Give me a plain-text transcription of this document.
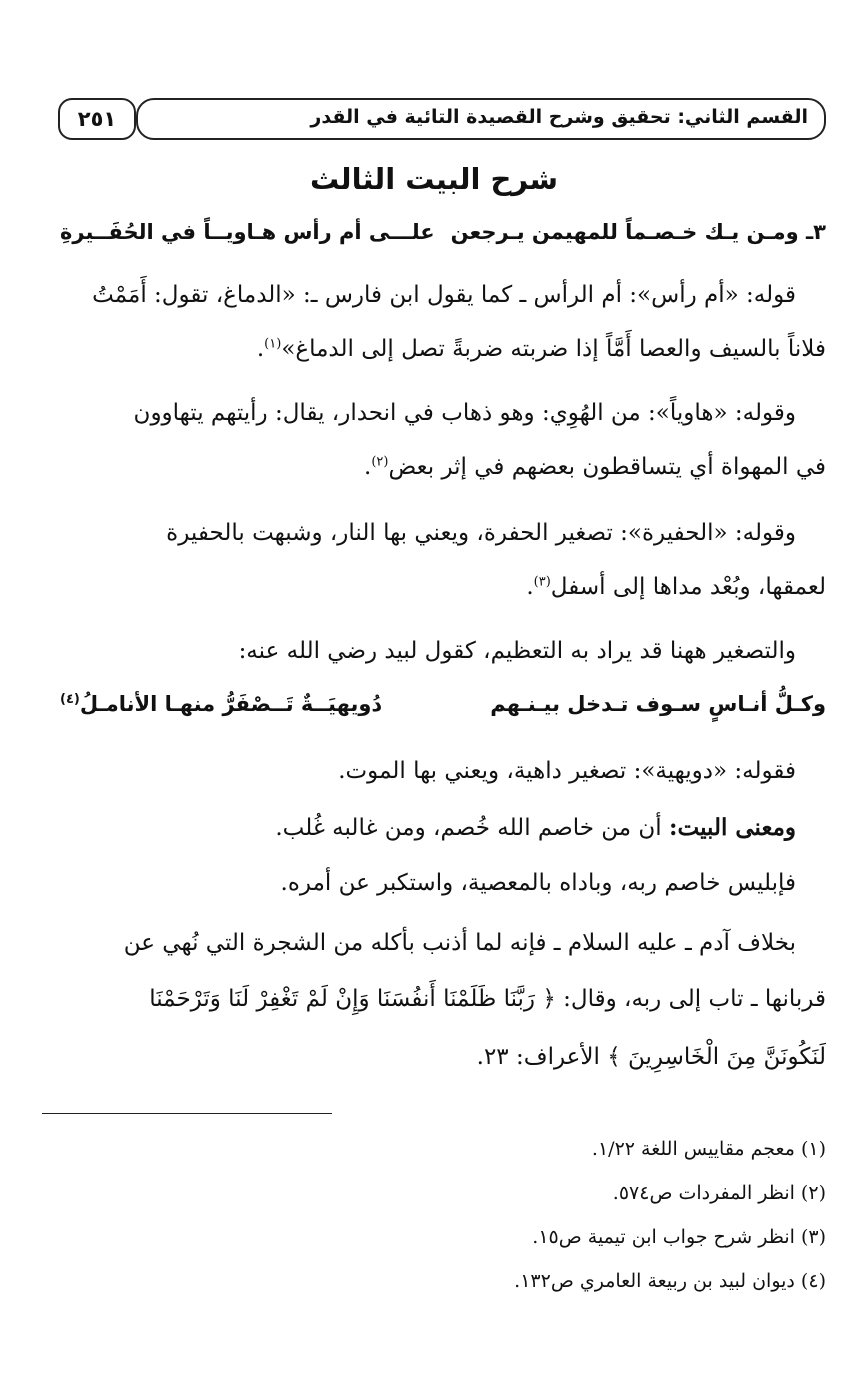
القسم الثاني: تحقيق وشرح القصيدة التائية في القدر
٢٥١
شرح البيت الثالث
٣ـ ومـن يـك خـصـماً للمهيمن يـرجعن
علـــى أم رأس هـاويــاً في الحُفَــيرةِ
قوله: «أم رأس»: أم الرأس ـ كما يقول ابن فارس ـ: «الدماغ، تقول: أَمَمْتُ
فلاناً بالسيف والعصا أَمَّاً إذا ضربته ضربةً تصل إلى الدماغ»$^{(١)}$.
وقوله: «هاوياً»: من الهُوِي: وهو ذهاب في انحدار، يقال: رأيتهم يتهاوون
في المهواة أي يتساقطون بعضهم في إثر بعض$^{(٢)}$.
وقوله: «الحفيرة»: تصغير الحفرة، ويعني بها النار، وشبهت بالحفيرة
لعمقها، وبُعْد مداها إلى أسفل$^{(٣)}$.
والتصغير ههنا قد يراد به التعظيم، كقول لبيد رضي الله عنه:
وكـلُّ أنـاسٍ سـوف تـدخل بيـنـهم
دُويهيَــةٌ تَــصْفَرُّ منهـا الأنامـلُ$^{(٤)}$
فقوله: «دويهية»: تصغير داهية، ويعني بها الموت.
ومعنى البيت: أن من خاصم الله خُصم، ومن غالبه غُلب.
فإبليس خاصم ربه، وباداه بالمعصية، واستكبر عن أمره.
بخلاف آدم ـ عليه السلام ـ فإنه لما أذنب بأكله من الشجرة التي نُهي عن
قربانها ـ تاب إلى ربه، وقال: ﴿ رَبَّنَا ظَلَمْنَا أَنفُسَنَا وَإِنْ لَمْ تَغْفِرْ لَنَا وَتَرْحَمْنَا
لَنَكُونَنَّ مِنَ الْخَاسِرِينَ ﴾ الأعراف: ٢٣.
(١) معجم مقاييس اللغة ١/٢٢.
(٢) انظر المفردات ص٥٧٤.
(٣) انظر شرح جواب ابن تيمية ص١٥.
(٤) ديوان لبيد بن ربيعة العامري ص١٣٢.
